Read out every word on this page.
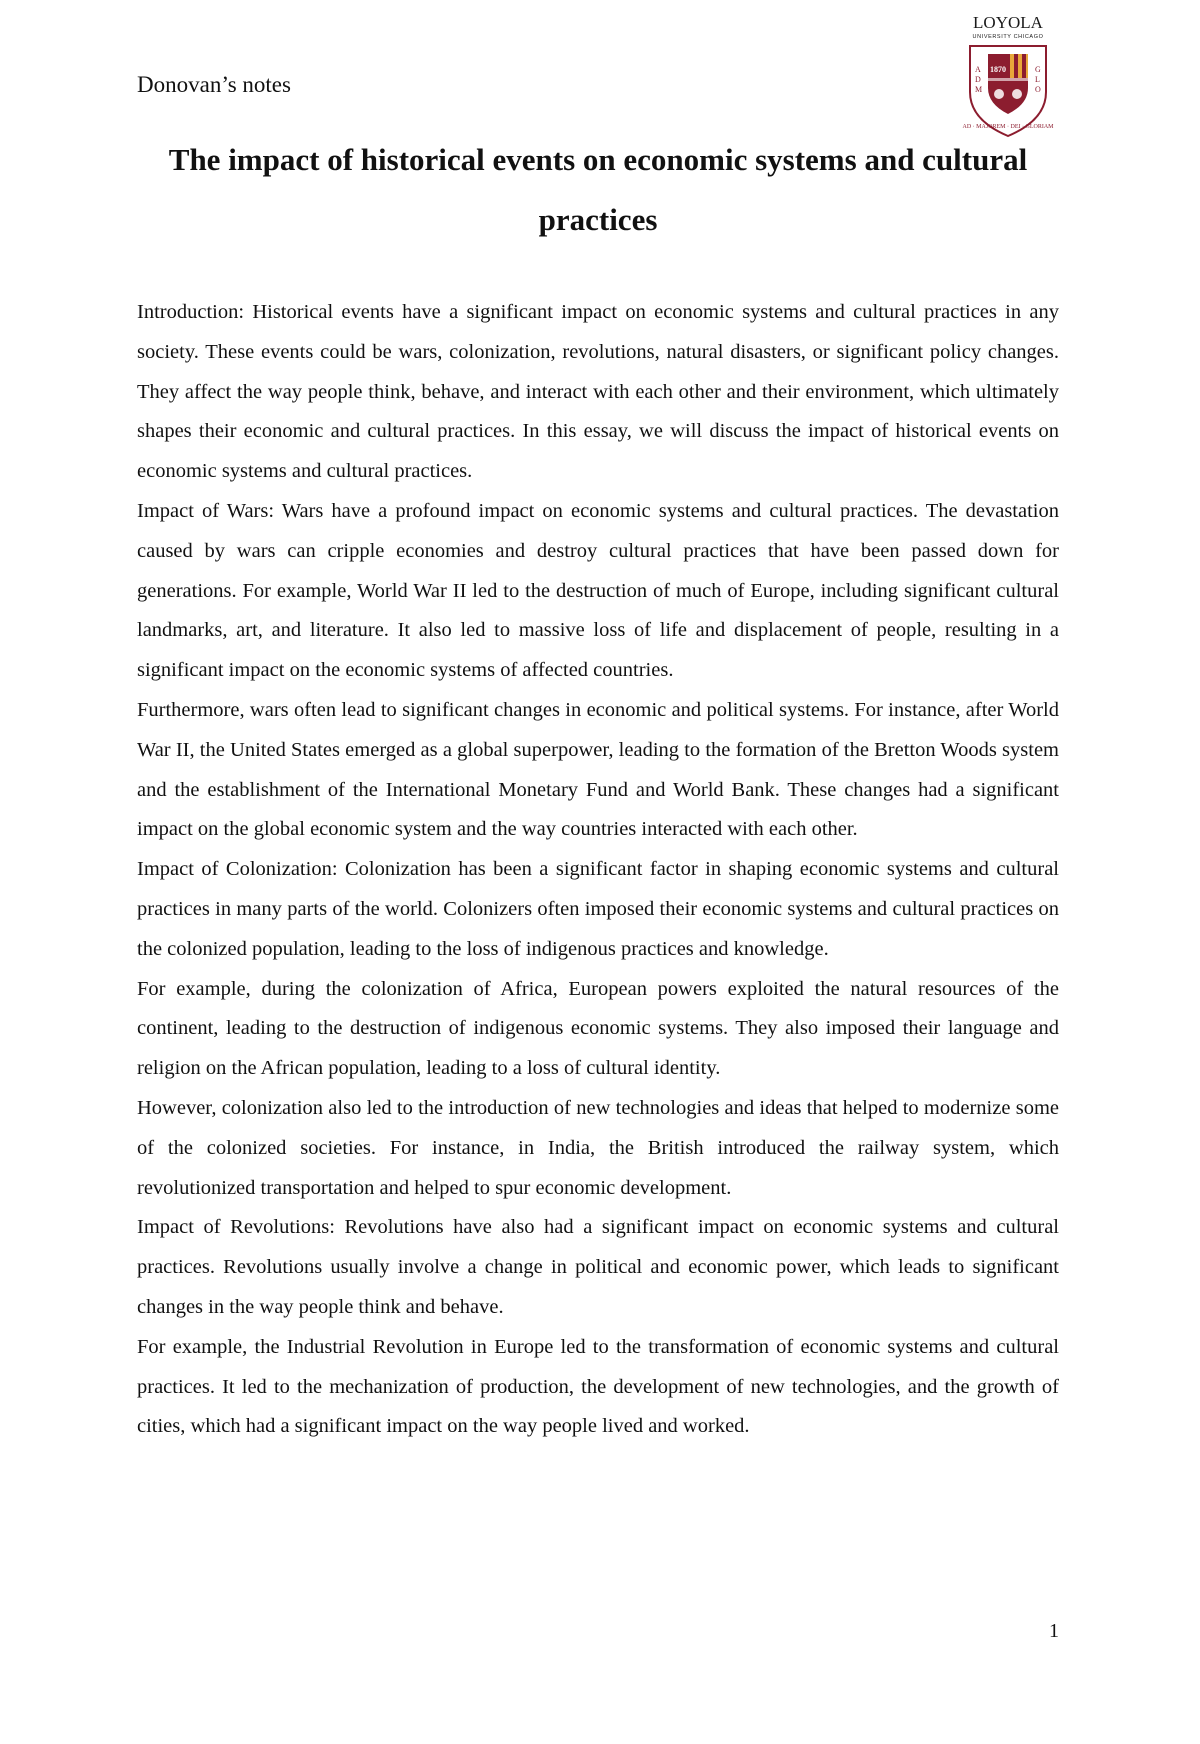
Donovan’s notes

LOYOLA
UNIVERSITY CHICAGO
1870
A
D
G
L
O
M
AD · MAJOREM · DEI · GLORIAM
The impact of historical events on economic systems and cultural practices

Introduction: Historical events have a significant impact on economic systems and cultural practices in any society. These events could be wars, colonization, revolutions, natural disasters, or significant policy changes. They affect the way people think, behave, and interact with each other and their environment, which ultimately shapes their economic and cultural practices. In this essay, we will discuss the impact of historical events on economic systems and cultural practices.

Impact of Wars: Wars have a profound impact on economic systems and cultural practices. The devastation caused by wars can cripple economies and destroy cultural practices that have been passed down for generations. For example, World War II led to the destruction of much of Europe, including significant cultural landmarks, art, and literature. It also led to massive loss of life and displacement of people, resulting in a significant impact on the economic systems of affected countries.

Furthermore, wars often lead to significant changes in economic and political systems. For instance, after World War II, the United States emerged as a global superpower, leading to the formation of the Bretton Woods system and the establishment of the International Monetary Fund and World Bank. These changes had a significant impact on the global economic system and the way countries interacted with each other.

Impact of Colonization: Colonization has been a significant factor in shaping economic systems and cultural practices in many parts of the world. Colonizers often imposed their economic systems and cultural practices on the colonized population, leading to the loss of indigenous practices and knowledge.

For example, during the colonization of Africa, European powers exploited the natural resources of the continent, leading to the destruction of indigenous economic systems. They also imposed their language and religion on the African population, leading to a loss of cultural identity.

However, colonization also led to the introduction of new technologies and ideas that helped to modernize some of the colonized societies. For instance, in India, the British introduced the railway system, which revolutionized transportation and helped to spur economic development.

Impact of Revolutions: Revolutions have also had a significant impact on economic systems and cultural practices. Revolutions usually involve a change in political and economic power, which leads to significant changes in the way people think and behave.

For example, the Industrial Revolution in Europe led to the transformation of economic systems and cultural practices. It led to the mechanization of production, the development of new technologies, and the growth of cities, which had a significant impact on the way people lived and worked.

1
